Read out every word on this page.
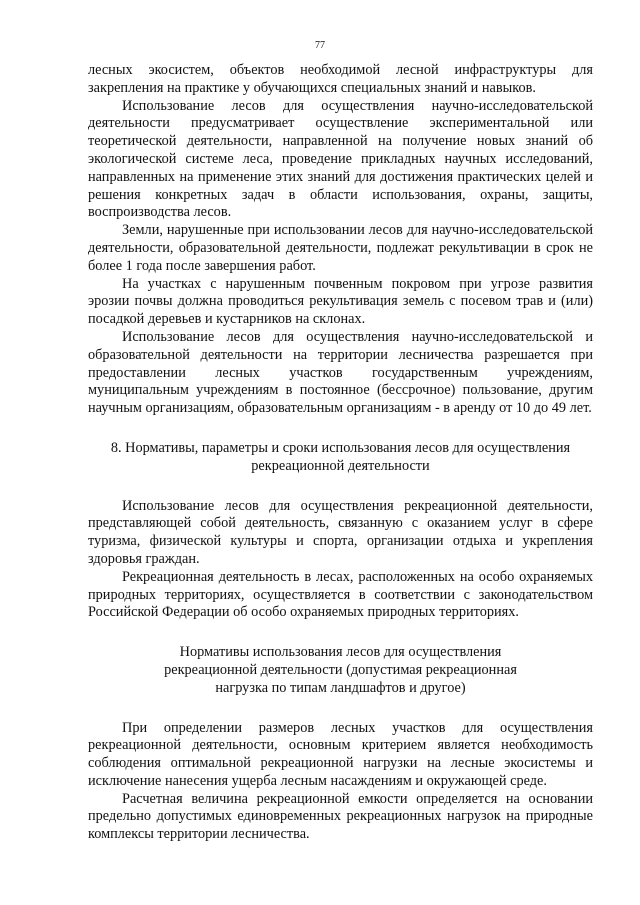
77

лесных экосистем, объектов необходимой лесной инфраструктуры для закрепления на практике у обучающихся специальных знаний и навыков.

Использование лесов для осуществления научно-исследовательской деятельности предусматривает осуществление экспериментальной или теоретической деятельности, направленной на получение новых знаний об экологической системе леса, проведение прикладных научных исследований, направленных на применение этих знаний для достижения практических целей и решения конкретных задач в области использования, охраны, защиты, воспроизводства лесов.

Земли, нарушенные при использовании лесов для научно-исследовательской деятельности, образовательной деятельности, подлежат рекультивации в срок не более 1 года после завершения работ.

На участках с нарушенным почвенным покровом при угрозе развития эрозии почвы должна проводиться рекультивация земель с посевом трав и (или) посадкой деревьев и кустарников на склонах.

Использование лесов для осуществления научно-исследовательской и образовательной деятельности на территории лесничества разрешается при предоставлении лесных участков государственным учреждениям, муниципальным учреждениям в постоянное (бессрочное) пользование, другим научным организациям, образовательным организациям - в аренду от 10 до 49 лет.

8. Нормативы, параметры и сроки использования лесов для осуществления

рекреационной деятельности

Использование лесов для осуществления рекреационной деятельности, представляющей собой деятельность, связанную с оказанием услуг в сфере туризма, физической культуры и спорта, организации отдыха и укрепления здоровья граждан.

Рекреационная деятельность в лесах, расположенных на особо охраняемых природных территориях, осуществляется в соответствии с законодательством Российской Федерации об особо охраняемых природных территориях.

Нормативы использования лесов для осуществления

рекреационной деятельности (допустимая рекреационная

нагрузка по типам ландшафтов и другое)

При определении размеров лесных участков для осуществления рекреационной деятельности, основным критерием является необходимость соблюдения оптимальной рекреационной нагрузки на лесные экосистемы и исключение нанесения ущерба лесным насаждениям и окружающей среде.

Расчетная величина рекреационной емкости определяется на основании предельно допустимых единовременных рекреационных нагрузок на природные комплексы территории лесничества.
